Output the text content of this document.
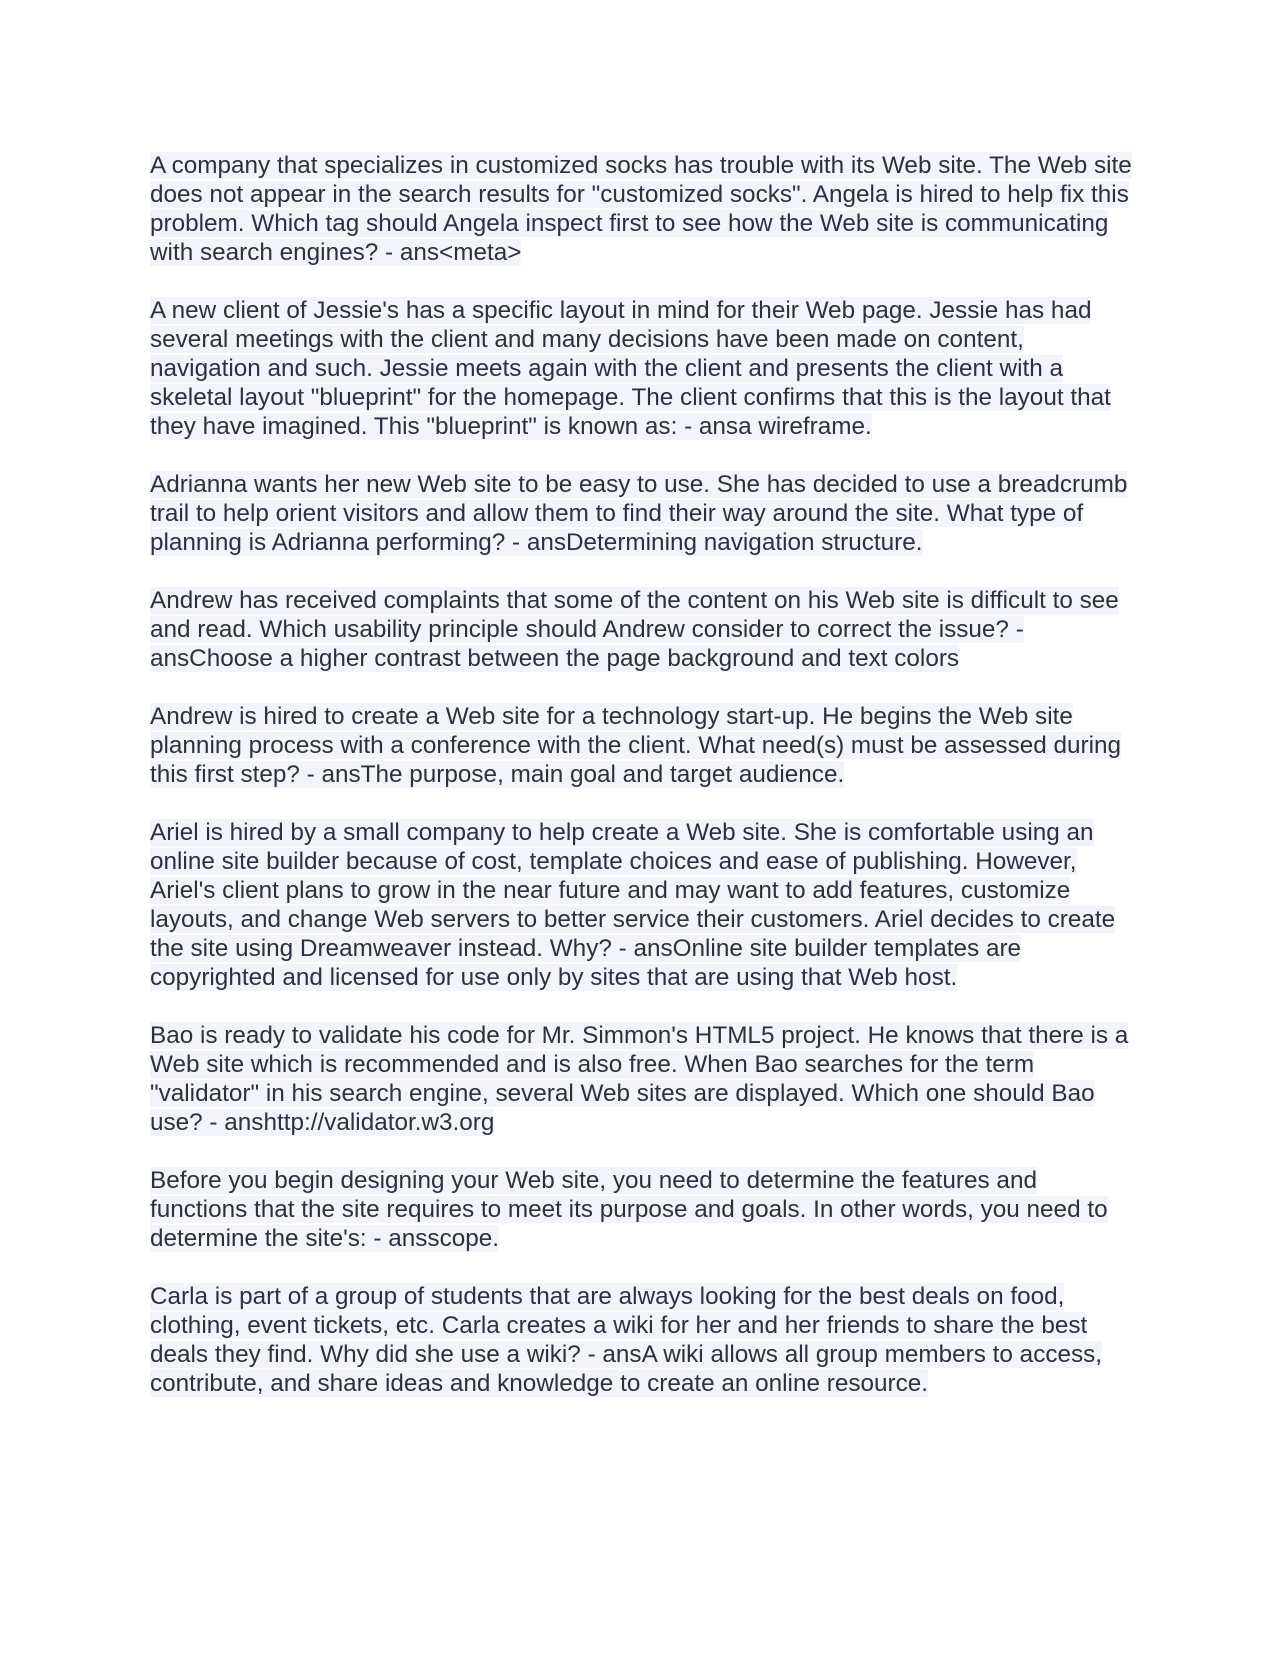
A company that specializes in customized socks has trouble with its Web site. The Web site does not appear in the search results for "customized socks". Angela is hired to help fix this problem. Which tag should Angela inspect first to see how the Web site is communicating with search engines? - ans<meta>

A new client of Jessie's has a specific layout in mind for their Web page. Jessie has had several meetings with the client and many decisions have been made on content, navigation and such. Jessie meets again with the client and presents the client with a skeletal layout "blueprint" for the homepage. The client confirms that this is the layout that they have imagined. This "blueprint" is known as: - ansa wireframe.

Adrianna wants her new Web site to be easy to use. She has decided to use a breadcrumb trail to help orient visitors and allow them to find their way around the site. What type of planning is Adrianna performing? - ansDetermining navigation structure.

Andrew has received complaints that some of the content on his Web site is difficult to see and read. Which usability principle should Andrew consider to correct the issue? - ansChoose a higher contrast between the page background and text colors

Andrew is hired to create a Web site for a technology start-up. He begins the Web site planning process with a conference with the client. What need(s) must be assessed during this first step? - ansThe purpose, main goal and target audience.

Ariel is hired by a small company to help create a Web site. She is comfortable using an online site builder because of cost, template choices and ease of publishing. However, Ariel's client plans to grow in the near future and may want to add features, customize layouts, and change Web servers to better service their customers. Ariel decides to create the site using Dreamweaver instead. Why? - ansOnline site builder templates are copyrighted and licensed for use only by sites that are using that Web host.

Bao is ready to validate his code for Mr. Simmon's HTML5 project. He knows that there is a Web site which is recommended and is also free. When Bao searches for the term "validator" in his search engine, several Web sites are displayed. Which one should Bao use? - anshttp://validator.w3.org

Before you begin designing your Web site, you need to determine the features and functions that the site requires to meet its purpose and goals. In other words, you need to determine the site's: - ansscope.

Carla is part of a group of students that are always looking for the best deals on food, clothing, event tickets, etc. Carla creates a wiki for her and her friends to share the best deals they find. Why did she use a wiki? - ansA wiki allows all group members to access, contribute, and share ideas and knowledge to create an online resource.
